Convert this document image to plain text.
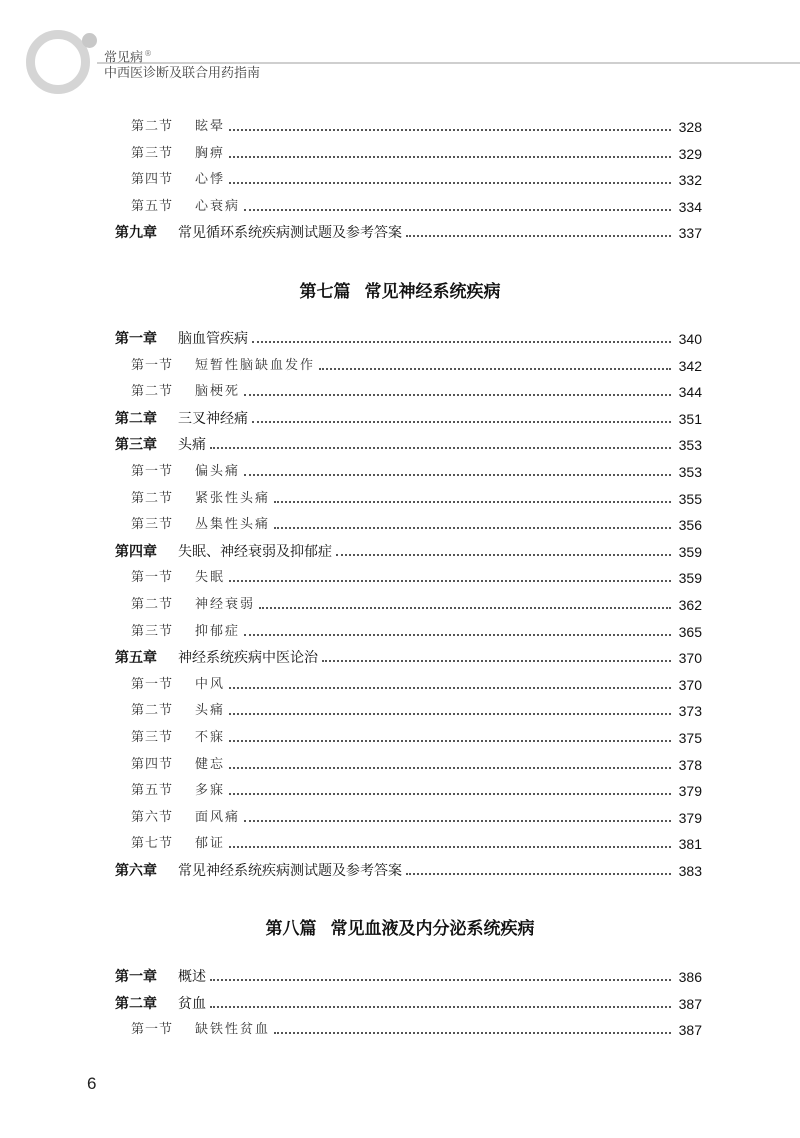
常见病®
中西医诊断及联合用药指南
第二节	眩晕	328
第三节	胸痹	329
第四节	心悸	332
第五节	心衰病	334
第九章	常见循环系统疾病测试题及参考答案	337
第七篇 常见神经系统疾病
第一章	脑血管疾病	340
第一节	短暂性脑缺血发作	342
第二节	脑梗死	344
第二章	三叉神经痛	351
第三章	头痛	353
第一节	偏头痛	353
第二节	紧张性头痛	355
第三节	丛集性头痛	356
第四章	失眠、神经衰弱及抑郁症	359
第一节	失眠	359
第二节	神经衰弱	362
第三节	抑郁症	365
第五章	神经系统疾病中医论治	370
第一节	中风	370
第二节	头痛	373
第三节	不寐	375
第四节	健忘	378
第五节	多寐	379
第六节	面风痛	379
第七节	郁证	381
第六章	常见神经系统疾病测试题及参考答案	383
第八篇 常见血液及内分泌系统疾病
第一章	概述	386
第二章	贫血	387
第一节	缺铁性贫血	387
6
